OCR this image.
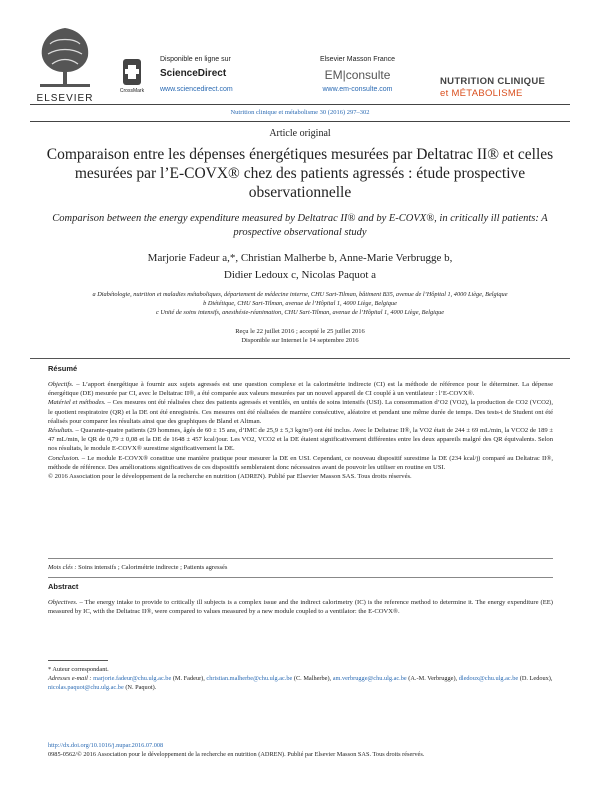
ELSEVIER
CrossMark
Disponible en ligne sur
ScienceDirect
www.sciencedirect.com
Elsevier Masson France
EM|consulte
www.em-consulte.com
NUTRITION CLINIQUE
et MÉTABOLISME
Nutrition clinique et métabolisme 30 (2016) 297–302
Article original
Comparaison entre les dépenses énergétiques mesurées par Deltatrac II® et celles mesurées par l’E-COVX® chez des patients agressés : étude prospective observationnelle
Comparison between the energy expenditure measured by Deltatrac II® and by E-COVX®, in critically ill patients: A prospective observational study
Marjorie Fadeur a,*, Christian Malherbe b, Anne-Marie Verbrugge b,
Didier Ledoux c, Nicolas Paquot a
a Diabétologie, nutrition et maladies métaboliques, département de médecine interne, CHU Sart-Tilman, bâtiment B35, avenue de l’Hôpital 1, 4000 Liège, Belgique
b Diététique, CHU Sart-Tilman, avenue de l’Hôpital 1, 4000 Liège, Belgique
c Unité de soins intensifs, anesthésie-réanimation, CHU Sart-Tilman, avenue de l’Hôpital 1, 4000 Liège, Belgique
Reçu le 22 juillet 2016 ; accepté le 25 juillet 2016
Disponible sur Internet le 14 septembre 2016
Résumé

Objectifs. – L’apport énergétique à fournir aux sujets agressés est une question complexe et la calorimétrie indirecte (CI) est la méthode de référence pour le déterminer. La dépense énergétique (DE) mesurée par CI, avec le Deltatrac II®, a été comparée aux valeurs mesurées par un nouvel appareil de CI couplé à un ventilateur : l’E-COVX®.

Matériel et méthodes. – Ces mesures ont été réalisées chez des patients agressés et ventilés, en unités de soins intensifs (USI). La consommation d’O2 (VO2), la production de CO2 (VCO2), le quotient respiratoire (QR) et la DE ont été enregistrés. Ces mesures ont été réalisées de manière consécutive, aléatoire et pendant une même durée de temps. Des tests-t de Student ont été réalisés pour comparer les résultats ainsi que des graphiques de Bland et Altman.

Résultats. – Quarante-quatre patients (29 hommes, âgés de 60 ± 15 ans, d’IMC de 25,9 ± 5,3 kg/m²) ont été inclus. Avec le Deltatrac II®, la VO2 était de 244 ± 69 mL/min, la VCO2 de 189 ± 47 mL/min, le QR de 0,79 ± 0,08 et la DE de 1648 ± 457 kcal/jour. Les VO2, VCO2 et la DE étaient significativement différentes entre les deux appareils malgré des QR équivalents. Selon nos résultats, le module E-COVX® surestime significativement la DE.

Conclusion. – Le module E-COVX® constitue une manière pratique pour mesurer la DE en USI. Cependant, ce nouveau dispositif surestime la DE (234 kcal/j) comparé au Deltatrac II®, méthode de référence. Des améliorations significatives de ces dispositifs sembleraient donc nécessaires avant de pouvoir les utiliser en routine en USI.

© 2016 Association pour le développement de la recherche en nutrition (ADREN). Publié par Elsevier Masson SAS. Tous droits réservés.

Mots clés : Soins intensifs ; Calorimétrie indirecte ; Patients agressés
Abstract
Objectives. – The energy intake to provide to critically ill subjects is a complex issue and the indirect calorimetry (IC) is the reference method to determine it. The energy expenditure (EE) measured by IC, with the Deltatrac II®, were compared to values measured by a new module coupled to a ventilator: the E-COVX®.
* Auteur correspondant.
Adresses e-mail : marjorie.fadeur@chu.ulg.ac.be (M. Fadeur), christian.malherbe@chu.ulg.ac.be (C. Malherbe), am.verbrugge@chu.ulg.ac.be (A.-M. Verbrugge), dledoux@chu.ulg.ac.be (D. Ledoux), nicolas.paquot@chu.ulg.ac.be (N. Paquot).
http://dx.doi.org/10.1016/j.nupar.2016.07.008
0985-0562/© 2016 Association pour le développement de la recherche en nutrition (ADREN). Publié par Elsevier Masson SAS. Tous droits réservés.
